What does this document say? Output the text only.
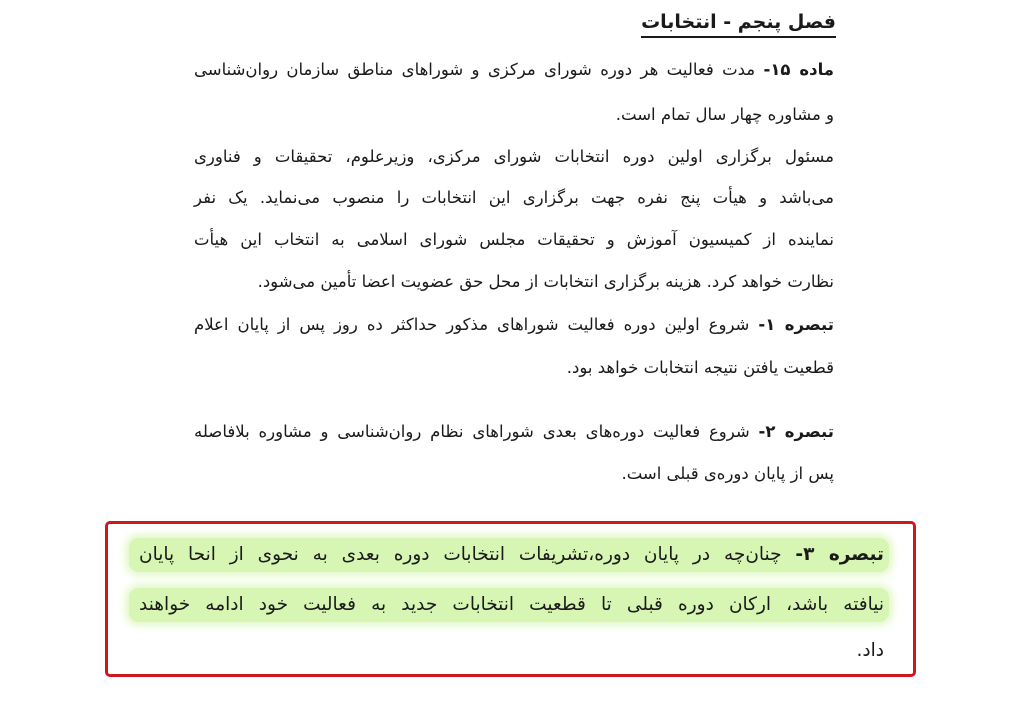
فصل پنجم - انتخابات
ماده ۱۵- مدت فعالیت هر دوره شورای مرکزی و شوراهای مناطق سازمان روان‌شناسی
و مشاوره چهار سال تمام است.
مسئول برگزاری اولین دوره انتخابات شورای مرکزی، وزیرعلوم، تحقیقات و فناوری
می‌باشد و هیأت پنج نفره جهت برگزاری این انتخابات را منصوب می‌نماید. یک نفر
نماینده از کمیسیون آموزش و تحقیقات مجلس شورای اسلامی به انتخاب این هیأت
نظارت خواهد کرد. هزینه برگزاری انتخابات از محل حق عضویت اعضا تأمین می‌شود.
تبصره ۱- شروع اولین دوره فعالیت شوراهای مذکور حداکثر ده روز پس از پایان اعلام
قطعیت یافتن نتیجه انتخابات خواهد بود.
تبصره ۲- شروع فعالیت دوره‌های بعدی شوراهای نظام روان‌شناسی و مشاوره بلافاصله
پس از پایان دوره‌ی قبلی است.
تبصره ۳- چنان‌چه در پایان دوره،تشریفات انتخابات دوره بعدی به نحوی از انحا پایان
نیافته باشد، ارکان دوره قبلی تا قطعیت انتخابات جدید به فعالیت خود ادامه خواهند
داد.
